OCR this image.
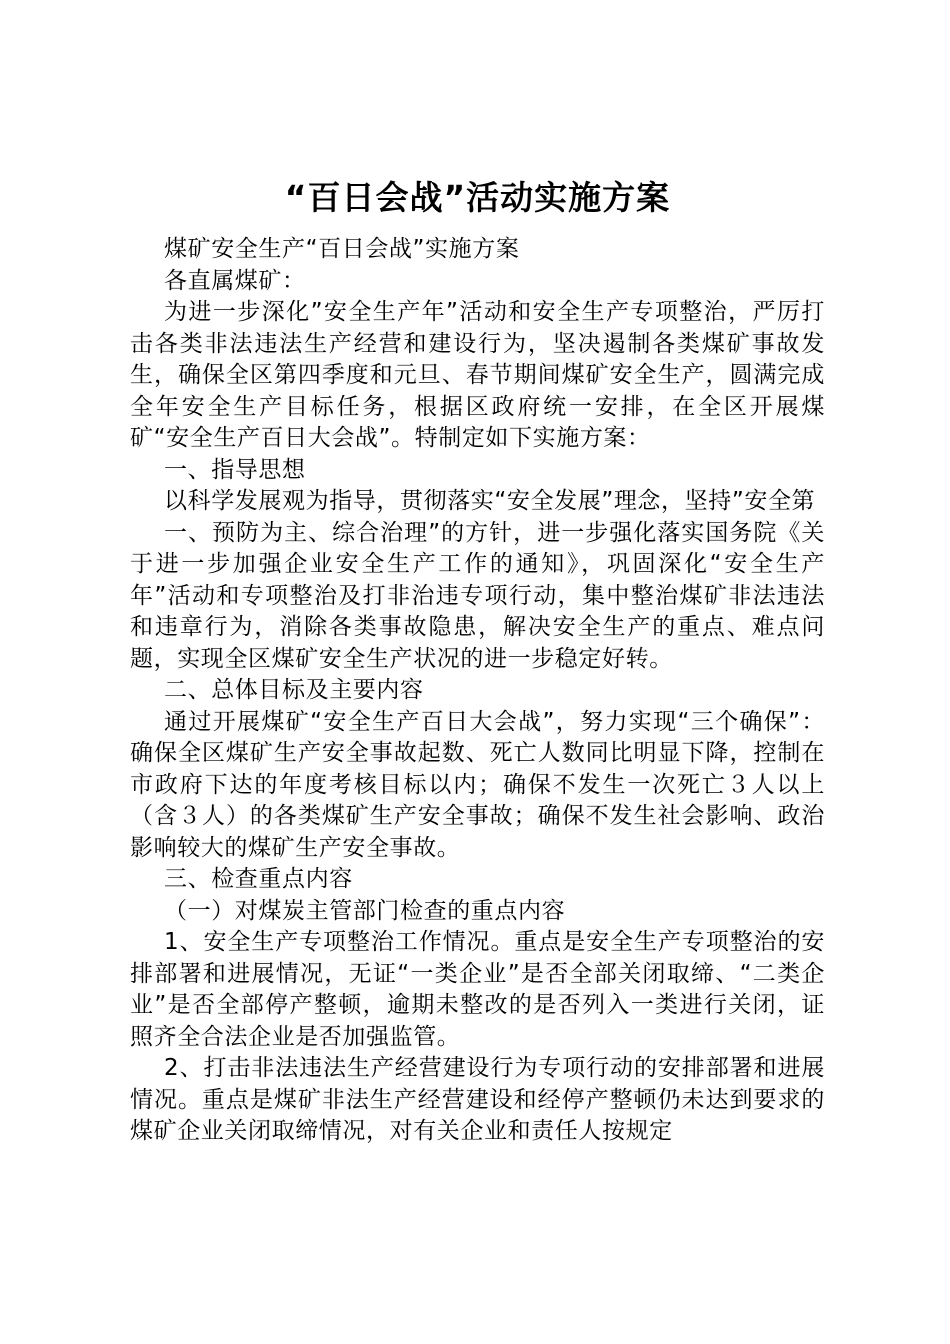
“百日会战”活动实施方案

煤矿安全生产“百日会战”实施方案

各直属煤矿：

为进一步深化”安全生产年”活动和安全生产专项整治，严厉打击各类非法违法生产经营和建设行为，坚决遏制各类煤矿事故发生，确保全区第四季度和元旦、春节期间煤矿安全生产，圆满完成全年安全生产目标任务，根据区政府统一安排，在全区开展煤矿“安全生产百日大会战”。特制定如下实施方案：

一、指导思想

以科学发展观为指导，贯彻落实“安全发展”理念，坚持”安全第

一、预防为主、综合治理”的方针，进一步强化落实国务院《关于进一步加强企业安全生产工作的通知》，巩固深化“安全生产年”活动和专项整治及打非治违专项行动，集中整治煤矿非法违法和违章行为，消除各类事故隐患，解决安全生产的重点、难点问题，实现全区煤矿安全生产状况的进一步稳定好转。

二、总体目标及主要内容

通过开展煤矿“安全生产百日大会战”，努力实现“三个确保”：确保全区煤矿生产安全事故起数、死亡人数同比明显下降，控制在市政府下达的年度考核目标以内；确保不发生一次死亡３人以上（含３人）的各类煤矿生产安全事故；确保不发生社会影响、政治影响较大的煤矿生产安全事故。

三、检查重点内容

（一）对煤炭主管部门检查的重点内容

1、安全生产专项整治工作情况。重点是安全生产专项整治的安排部署和进展情况，无证“一类企业”是否全部关闭取缔、“二类企业”是否全部停产整顿，逾期未整改的是否列入一类进行关闭，证照齐全合法企业是否加强监管。

2、打击非法违法生产经营建设行为专项行动的安排部署和进展情况。重点是煤矿非法生产经营建设和经停产整顿仍未达到要求的煤矿企业关闭取缔情况，对有关企业和责任人按规定
